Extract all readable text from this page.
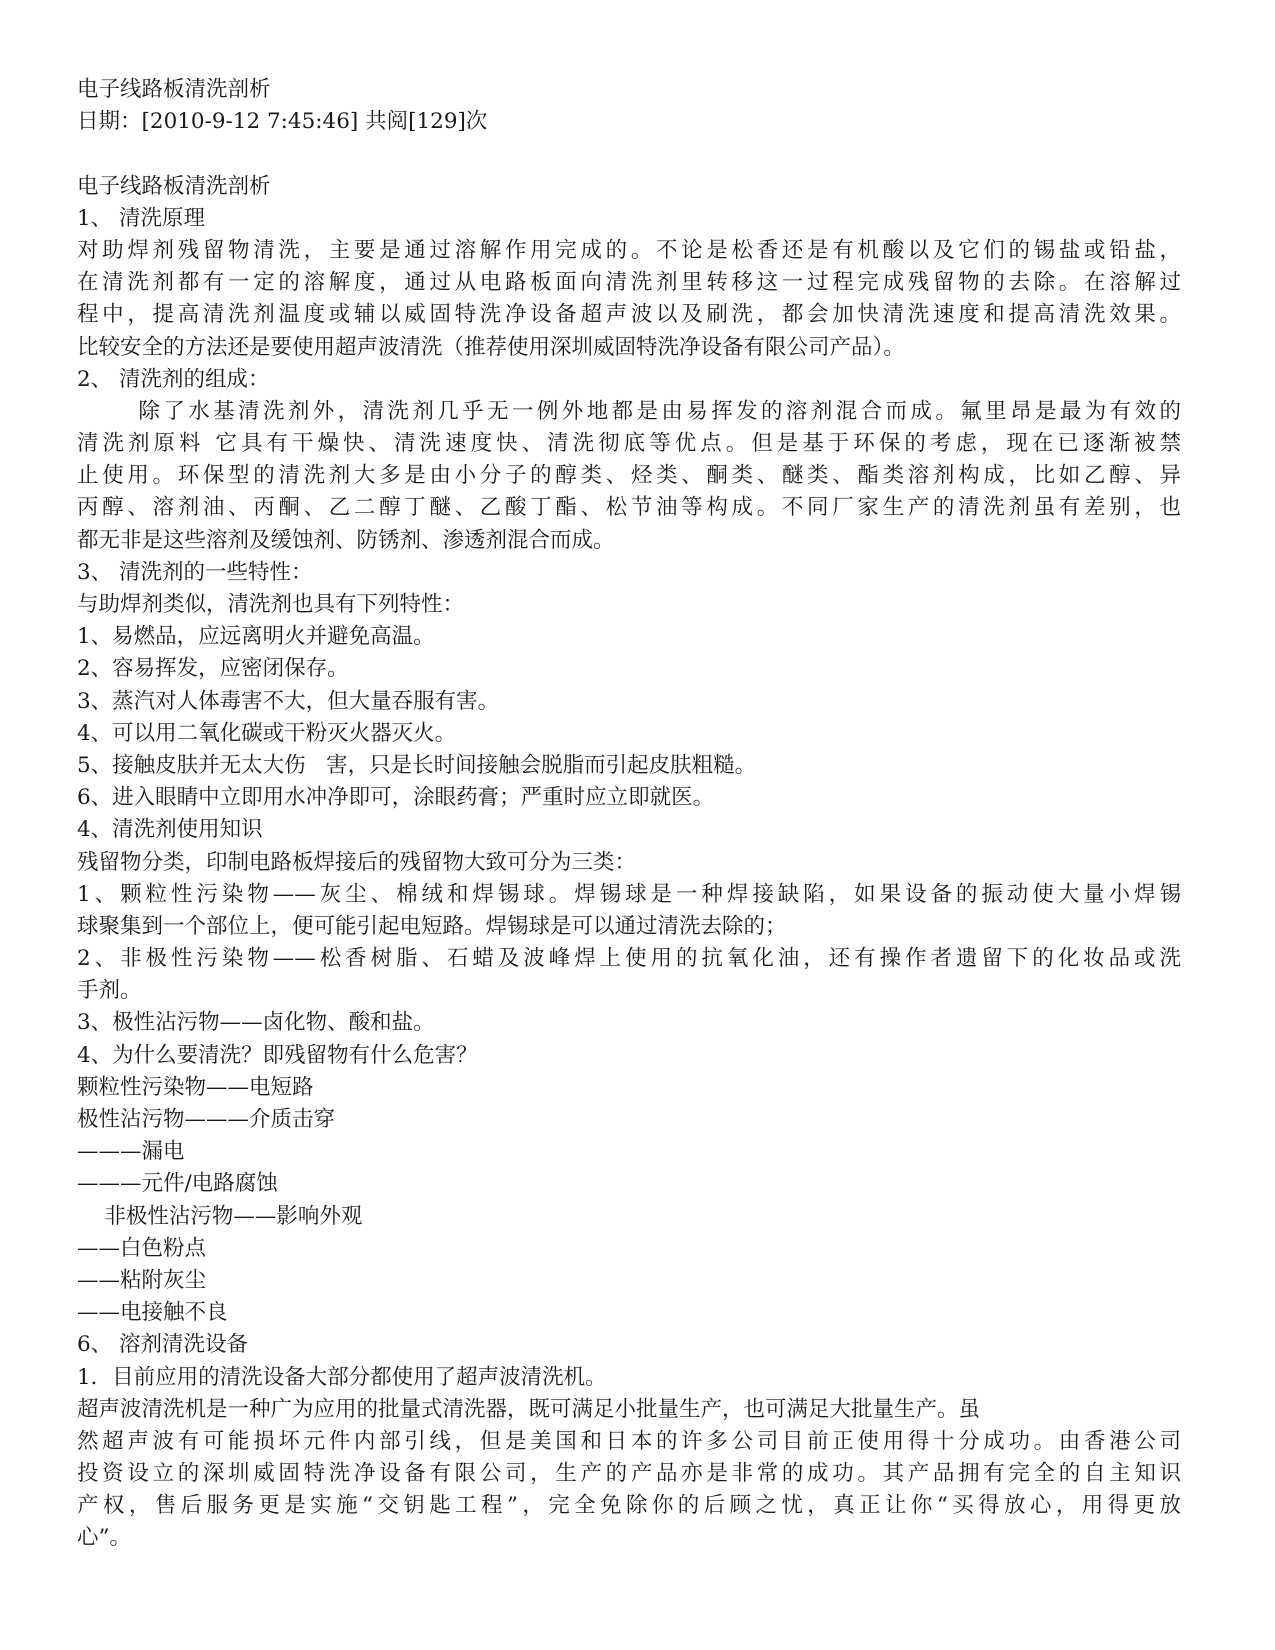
电子线路板清洗剖析
日期：[2010-9-12 7:45:46] 共阅[129]次
电子线路板清洗剖析
1、 清洗原理
对助焊剂残留物清洗，主要是通过溶解作用完成的。不论是松香还是有机酸以及它们的锡盐或铅盐，
在清洗剂都有一定的溶解度，通过从电路板面向清洗剂里转移这一过程完成残留物的去除。在溶解过
程中，提高清洗剂温度或辅以威固特洗净设备超声波以及刷洗，都会加快清洗速度和提高清洗效果。
比较安全的方法还是要使用超声波清洗（推荐使用深圳威固特洗净设备有限公司产品）。
2、 清洗剂的组成：
除了水基清洗剂外，清洗剂几乎无一例外地都是由易挥发的溶剂混合而成。氟里昂是最为有效的
清洗剂原料 它具有干燥快、清洗速度快、清洗彻底等优点。但是基于环保的考虑，现在已逐渐被禁
止使用。环保型的清洗剂大多是由小分子的醇类、烃类、酮类、醚类、酯类溶剂构成，比如乙醇、异
丙醇、溶剂油、丙酮、乙二醇丁醚、乙酸丁酯、松节油等构成。不同厂家生产的清洗剂虽有差别，也
都无非是这些溶剂及缓蚀剂、防锈剂、渗透剂混合而成。
3、 清洗剂的一些特性：
与助焊剂类似，清洗剂也具有下列特性：
1、易燃品，应远离明火并避免高温。
2、容易挥发，应密闭保存。
3、蒸汽对人体毒害不大，但大量吞服有害。
4、可以用二氧化碳或干粉灭火器灭火。
5、接触皮肤并无太大伤   害，只是长时间接触会脱脂而引起皮肤粗糙。
6、进入眼睛中立即用水冲净即可，涂眼药膏；严重时应立即就医。
4、清洗剂使用知识
残留物分类，印制电路板焊接后的残留物大致可分为三类：
1、颗粒性污染物——灰尘、棉绒和焊锡球。焊锡球是一种焊接缺陷，如果设备的振动使大量小焊锡
球聚集到一个部位上，便可能引起电短路。焊锡球是可以通过清洗去除的；
2、非极性污染物——松香树脂、石蜡及波峰焊上使用的抗氧化油，还有操作者遗留下的化妆品或洗
手剂。
3、极性沾污物——卤化物、酸和盐。
4、为什么要清洗？即残留物有什么危害？
颗粒性污染物——电短路
极性沾污物———介质击穿
———漏电
———元件/电路腐蚀
非极性沾污物——影响外观
——白色粉点
——粘附灰尘
——电接触不良
6、 溶剂清洗设备
1．目前应用的清洗设备大部分都使用了超声波清洗机。
超声波清洗机是一种广为应用的批量式清洗器，既可满足小批量生产，也可满足大批量生产。虽
然超声波有可能损坏元件内部引线，但是美国和日本的许多公司目前正使用得十分成功。由香港公司
投资设立的深圳威固特洗净设备有限公司，生产的产品亦是非常的成功。其产品拥有完全的自主知识
产权，售后服务更是实施“交钥匙工程”，完全免除你的后顾之忧，真正让你“买得放心，用得更放
心”。
